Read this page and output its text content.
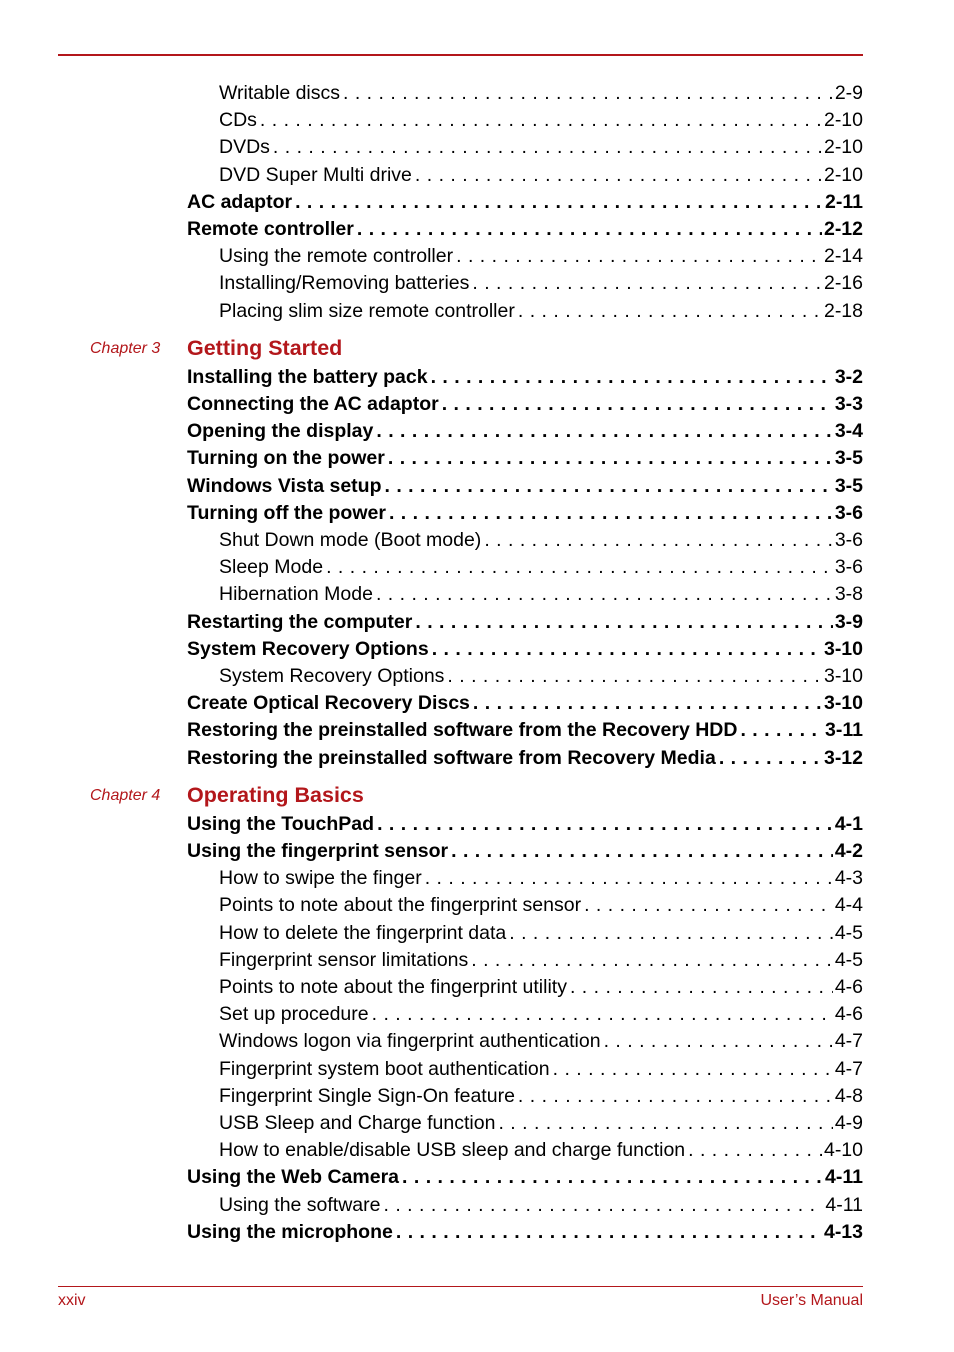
xxiv	User’s Manual
Writable discs . . .	2-9
CDs . . .	2-10
DVDs . . .	2-10
DVD Super Multi drive . . .	2-10
AC adaptor . . .	2-11
Remote controller . . .	2-12
Using the remote controller . . .	2-14
Installing/Removing batteries . . .	2-16
Placing slim size remote controller . . .	2-18
Chapter 3 Getting Started
Installing the battery pack . . .	3-2
Connecting the AC adaptor . . .	3-3
Opening the display . . .	3-4
Turning on the power . . .	3-5
Windows Vista setup . . .	3-5
Turning off the power . . .	3-6
Shut Down mode (Boot mode) . . .	3-6
Sleep Mode . . .	3-6
Hibernation Mode . . .	3-8
Restarting the computer . . .	3-9
System Recovery Options . . .	3-10
System Recovery Options . . .	3-10
Create Optical Recovery Discs . . .	3-10
Restoring the preinstalled software from the Recovery HDD . . .	3-11
Restoring the preinstalled software from Recovery Media . . .	3-12
Chapter 4 Operating Basics
Using the TouchPad . . .	4-1
Using the fingerprint sensor . . .	4-2
How to swipe the finger . . .	4-3
Points to note about the fingerprint sensor . . .	4-4
How to delete the fingerprint data . . .	4-5
Fingerprint sensor limitations . . .	4-5
Points to note about the fingerprint utility . . .	4-6
Set up procedure . . .	4-6
Windows logon via fingerprint authentication . . .	4-7
Fingerprint system boot authentication . . .	4-7
Fingerprint Single Sign-On feature . . .	4-8
USB Sleep and Charge function . . .	4-9
How to enable/disable USB sleep and charge function . . .	4-10
Using the Web Camera . . .	4-11
Using the software . . .	4-11
Using the microphone . . .	4-13
